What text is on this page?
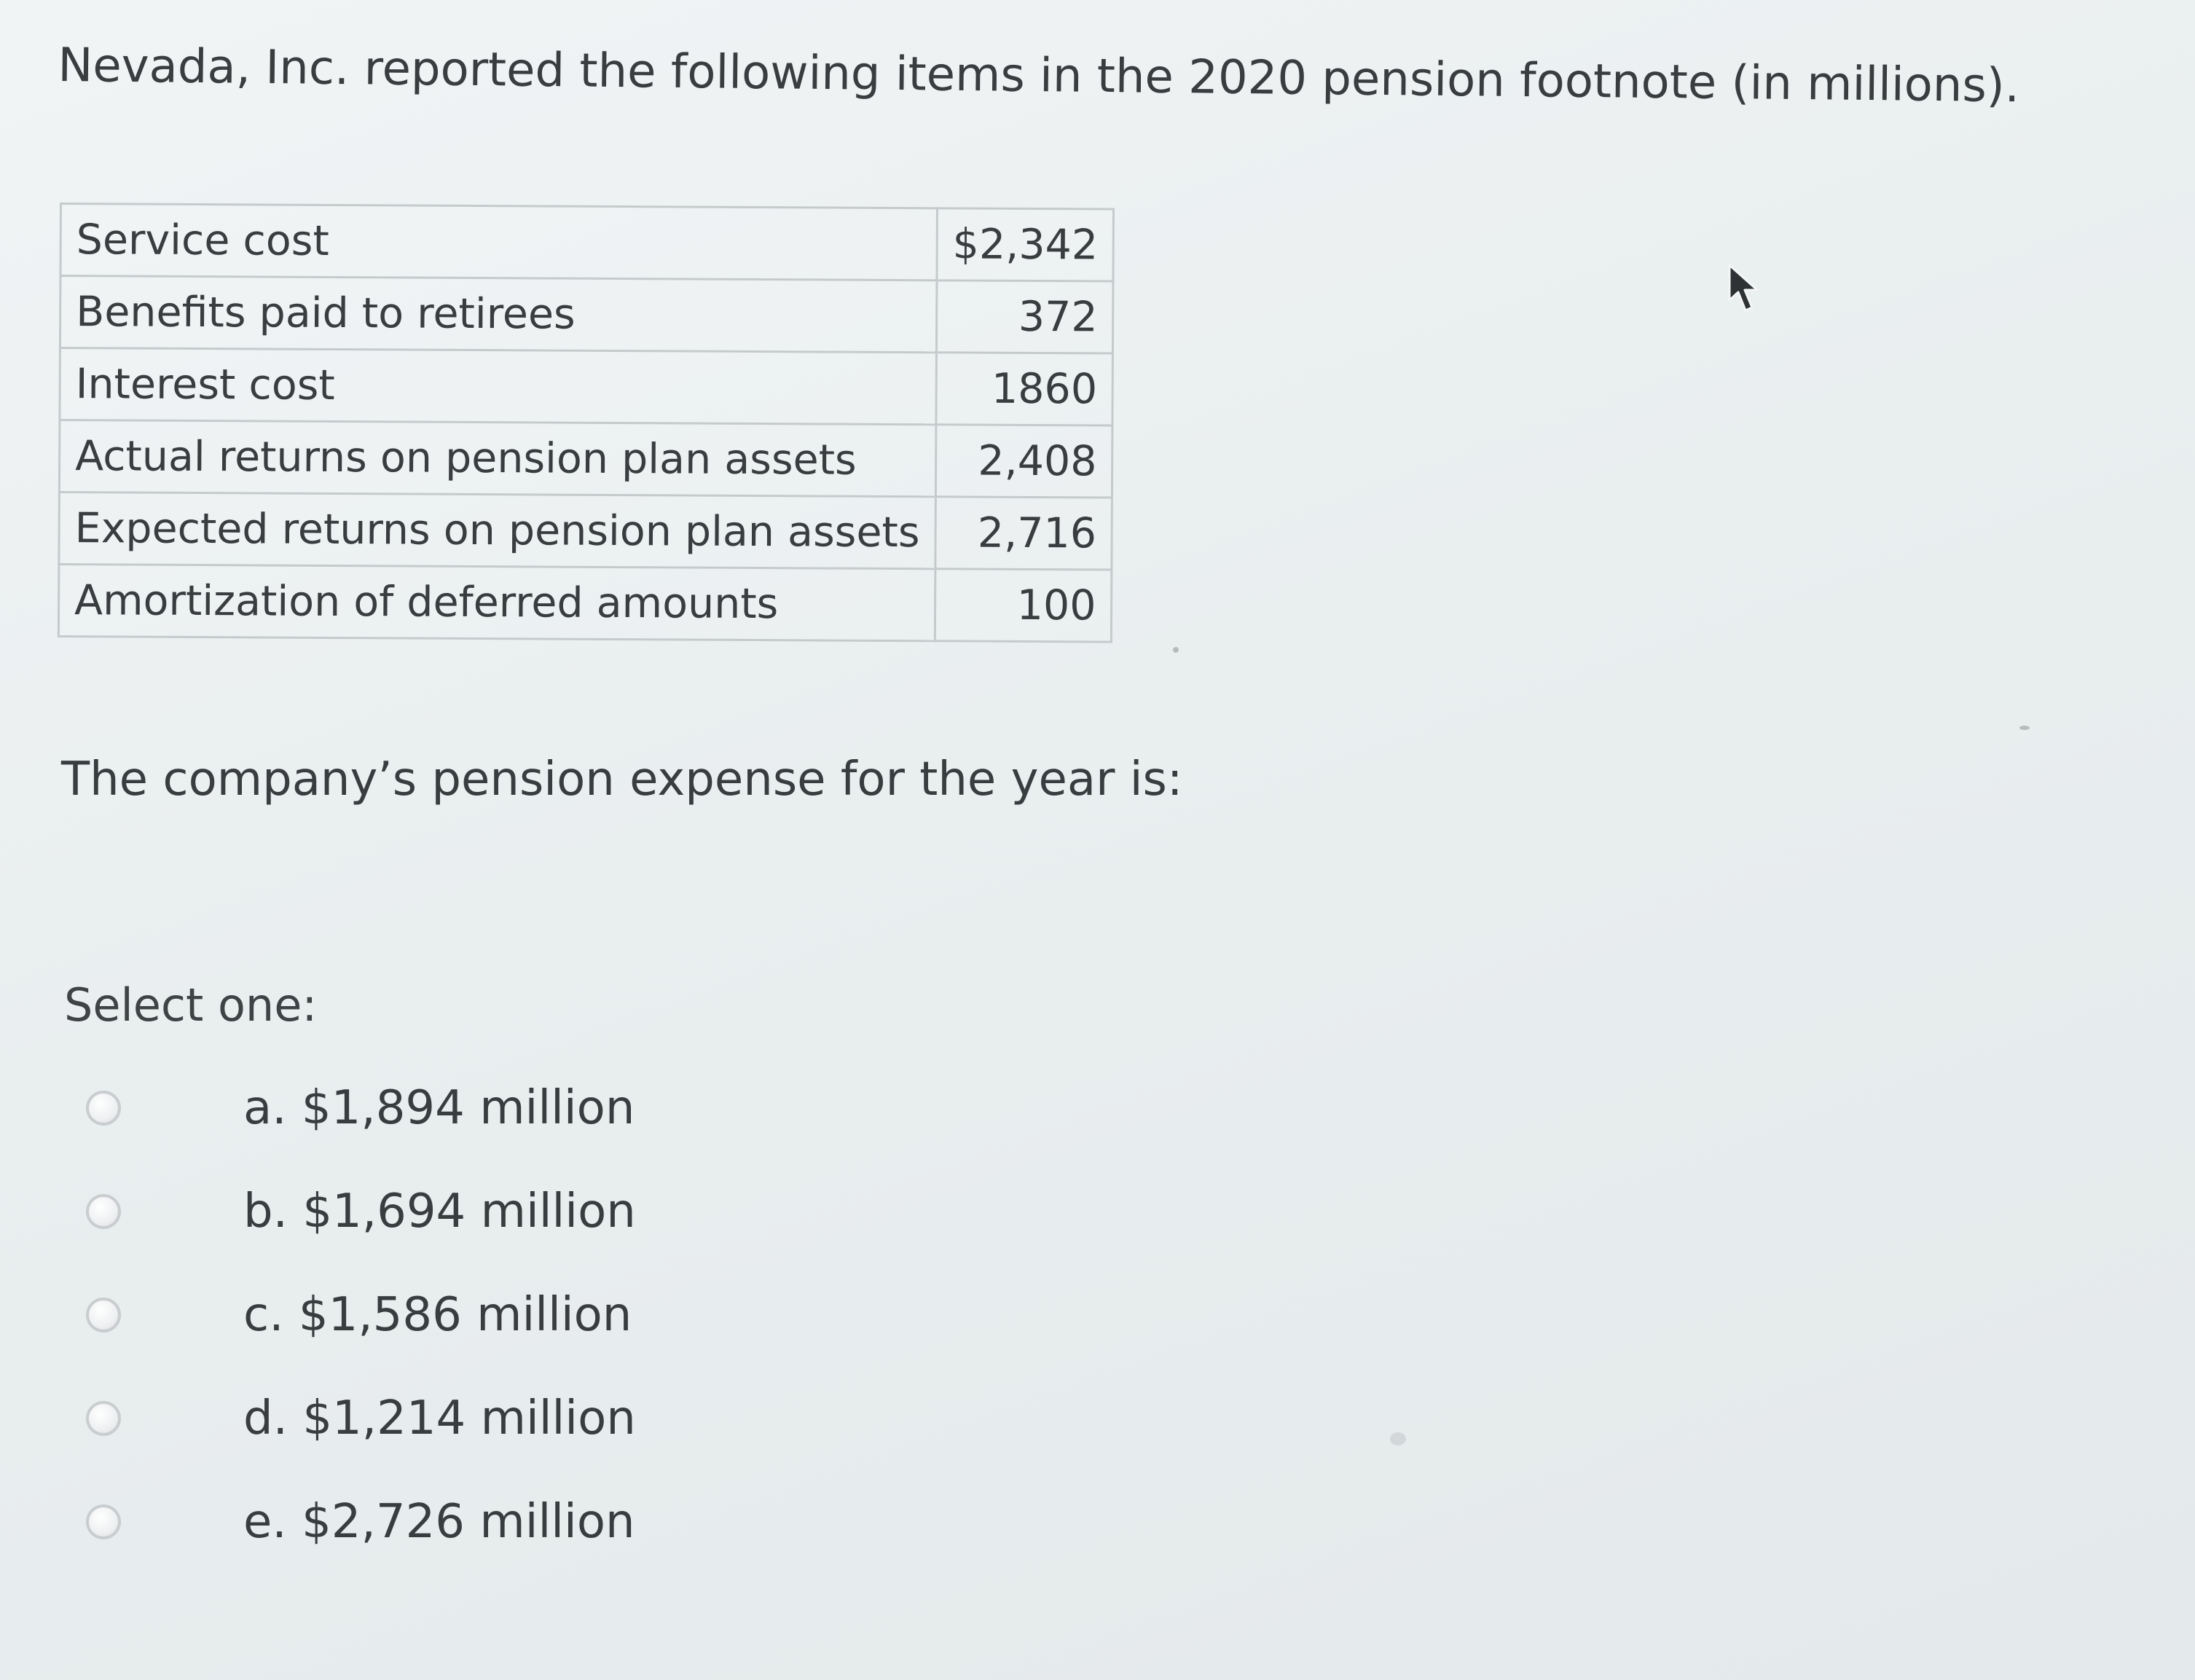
Nevada, Inc. reported the following items in the 2020 pension footnote (in millions).
Service cost	$2,342
Benefits paid to retirees	372
Interest cost	1860
Actual returns on pension plan assets	2,408
Expected returns on pension plan assets	2,716
Amortization of deferred amounts	100

The company’s pension expense for the year is:

Select one:
a. $1,894 million
b. $1,694 million
c. $1,586 million
d. $1,214 million
e. $2,726 million
